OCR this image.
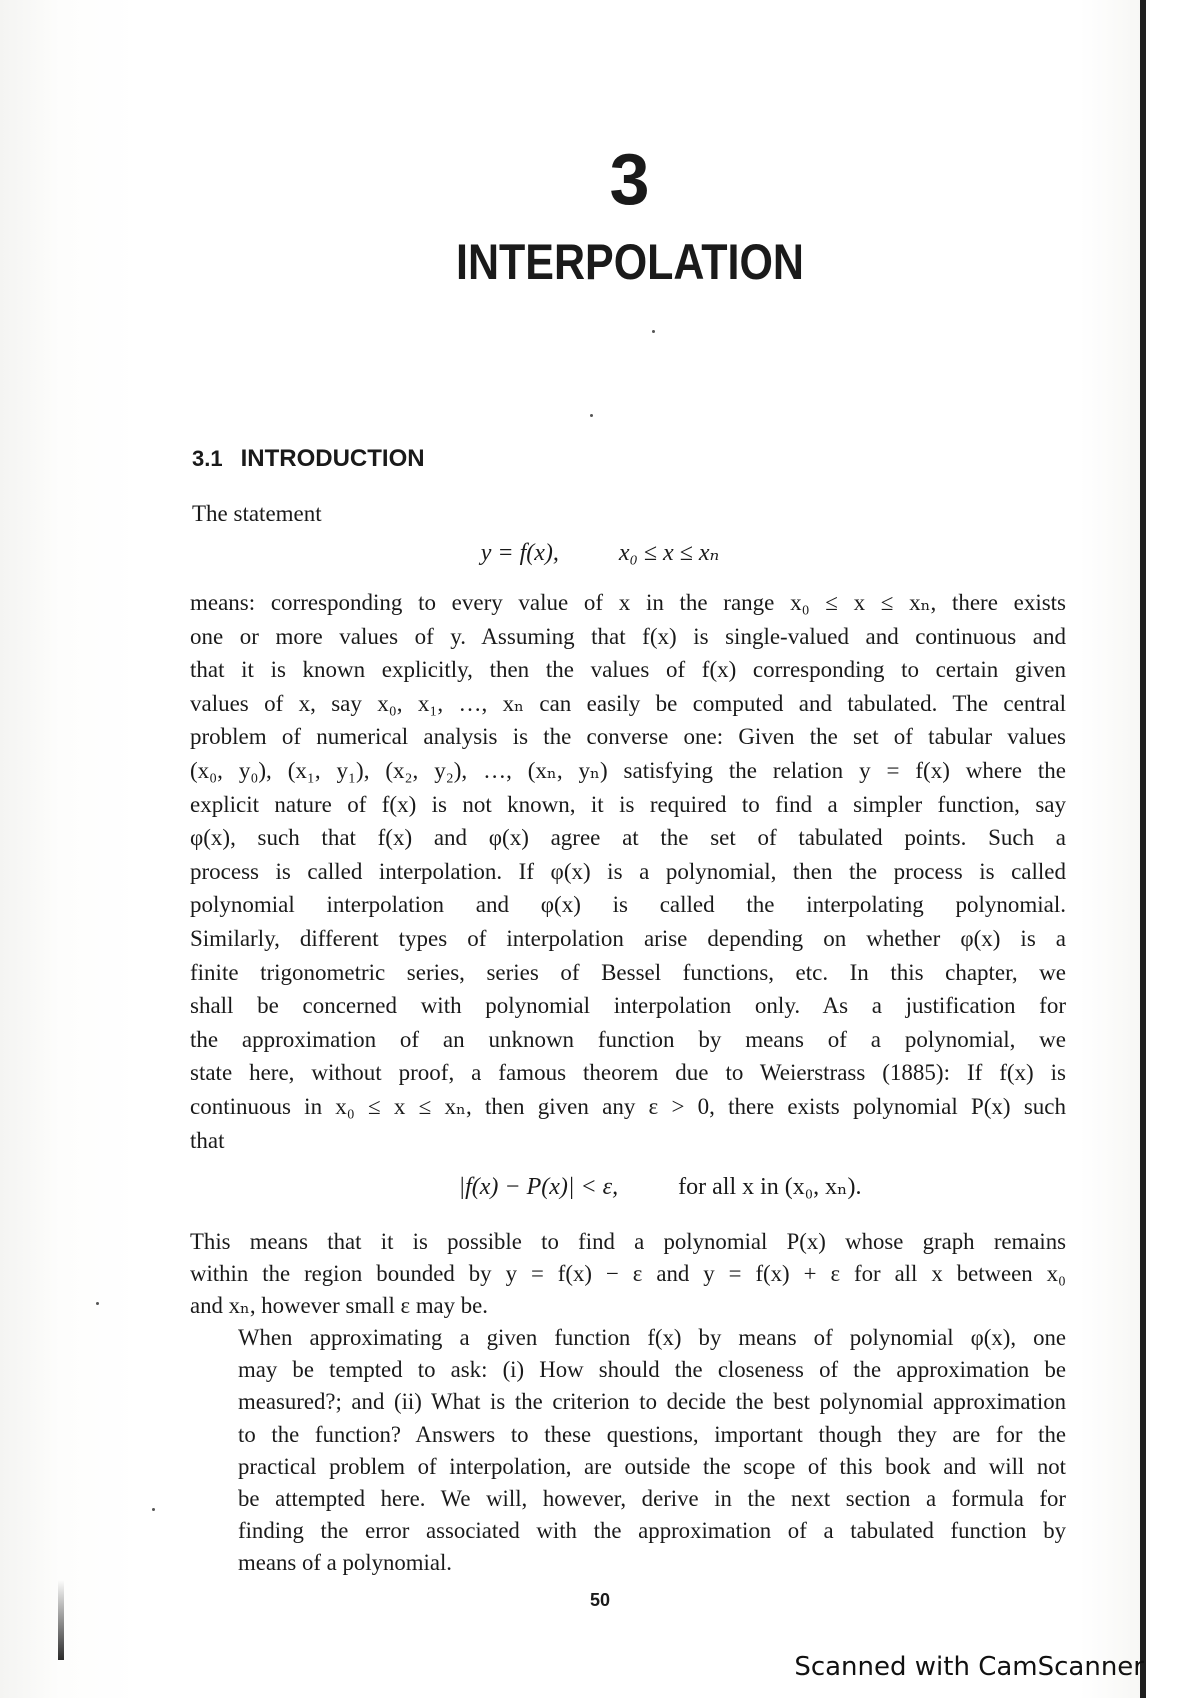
3
INTERPOLATION
3.1 INTRODUCTION
The statement
y = f(x),	x₀ ≤ x ≤ xₙ
means: corresponding to every value of x in the range x₀ ≤ x ≤ xₙ, there exists
one or more values of y. Assuming that f(x) is single-valued and continuous and
that it is known explicitly, then the values of f(x) corresponding to certain given
values of x, say x₀, x₁, …, xₙ can easily be computed and tabulated. The central
problem of numerical analysis is the converse one: Given the set of tabular values
(x₀, y₀), (x₁, y₁), (x₂, y₂), …, (xₙ, yₙ) satisfying the relation y = f(x) where the
explicit nature of f(x) is not known, it is required to find a simpler function, say
φ(x), such that f(x) and φ(x) agree at the set of tabulated points. Such a
process is called interpolation. If φ(x) is a polynomial, then the process is called
polynomial interpolation and φ(x) is called the interpolating polynomial.
Similarly, different types of interpolation arise depending on whether φ(x) is a
finite trigonometric series, series of Bessel functions, etc. In this chapter, we
shall be concerned with polynomial interpolation only. As a justification for
the approximation of an unknown function by means of a polynomial, we
state here, without proof, a famous theorem due to Weierstrass (1885): If f(x) is
continuous in x₀ ≤ x ≤ xₙ, then given any ε > 0, there exists polynomial P(x) such
that
|f(x) − P(x)| < ε,	for all x in (x₀, xₙ).
This means that it is possible to find a polynomial P(x) whose graph remains
within the region bounded by y = f(x) − ε and y = f(x) + ε for all x between x₀
and xₙ, however small ε may be.
When approximating a given function f(x) by means of polynomial φ(x), one
may be tempted to ask: (i) How should the closeness of the approximation be
measured?; and (ii) What is the criterion to decide the best polynomial approximation
to the function? Answers to these questions, important though they are for the
practical problem of interpolation, are outside the scope of this book and will not
be attempted here. We will, however, derive in the next section a formula for
finding the error associated with the approximation of a tabulated function by
means of a polynomial.
50
Scanned with CamScanner
